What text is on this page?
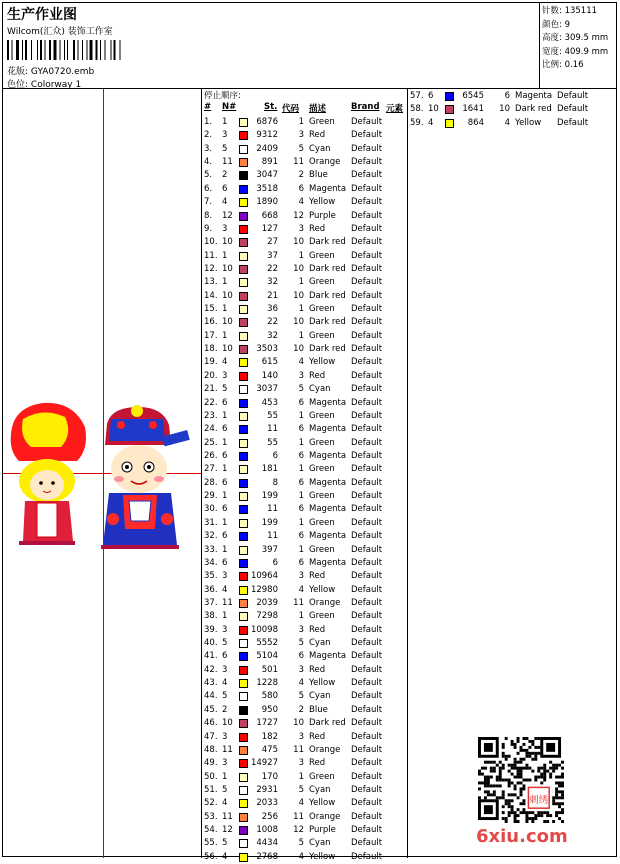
生产作业图
Wilcom(汇众) 装饰工作室
花版: GYA0720.emb
色位: Colorway 1
针数: 135111
颜色: 9
高度: 309.5 mm
宽度: 409.9 mm
比例: 0.16
停止顺序:
# N#	St. 代码 描述	Brand 元素
1. 1	6876	1 Green Default
2. 3	9312	3 Red	Default
3. 5	2409	5 Cyan Default
4. 11	891	11 Orange Default
5. 2	3047	2 Blue	Default
6. 6	3518	6 Magenta Default
7. 4	1890	4 Yellow Default
8. 12	668	12 Purple Default
9. 3	127	3 Red	Default
10. 10	27	10 Dark red Default
11. 1	37	1 Green Default
12. 10	22	10 Dark red Default
13. 1	32	1 Green Default
14. 10	21	10 Dark red Default
15. 1	36	1 Green Default
16. 10	22	10 Dark red Default
17. 1	32	1 Green Default
18. 10	3503	10 Dark red Default
19. 4	615	4 Yellow Default
20. 3	140	3 Red	Default
21. 5	3037	5 Cyan Default
22. 6	453	6 Magenta Default
23. 1	55	1 Green Default
24. 6	11	6 Magenta Default
25. 1	55	1 Green Default
26. 6	6	6 Magenta Default
27. 1	181	1 Green Default
28. 6	8	6 Magenta Default
29. 1	199	1 Green Default
30. 6	11	6 Magenta Default
31. 1	199	1 Green Default
32. 6	11	6 Magenta Default
33. 1	397	1 Green Default
34. 6	6	6 Magenta Default
35. 3	10964	3 Red	Default
36. 4	12980	4 Yellow Default
37. 11	2039	11 Orange Default
38. 1	7298	1 Green Default
39. 3	10098	3 Red	Default
40. 5	5552	5 Cyan Default
41. 6	5104	6 Magenta Default
42. 3	501	3 Red	Default
43. 4	1228	4 Yellow Default
44. 5	580	5 Cyan Default
45. 2	950	2 Blue	Default
46. 10	1727	10 Dark red Default
47. 3	182	3 Red	Default
48. 11	475	11 Orange Default
49. 3	14927	3 Red	Default
50. 1	170	1 Green Default
51. 5	2931	5 Cyan Default
52. 4	2033	4 Yellow Default
53. 11	256	11 Orange Default
54. 12	1008	12 Purple Default
55. 5	4434	5 Cyan Default
56. 4	2768	4 Yellow Default
57. 6	6545	6 Magenta Default
58. 10	1641	10 Dark red Default
59. 4	864	4 Yellow Default
刺绣
6xiu.com
